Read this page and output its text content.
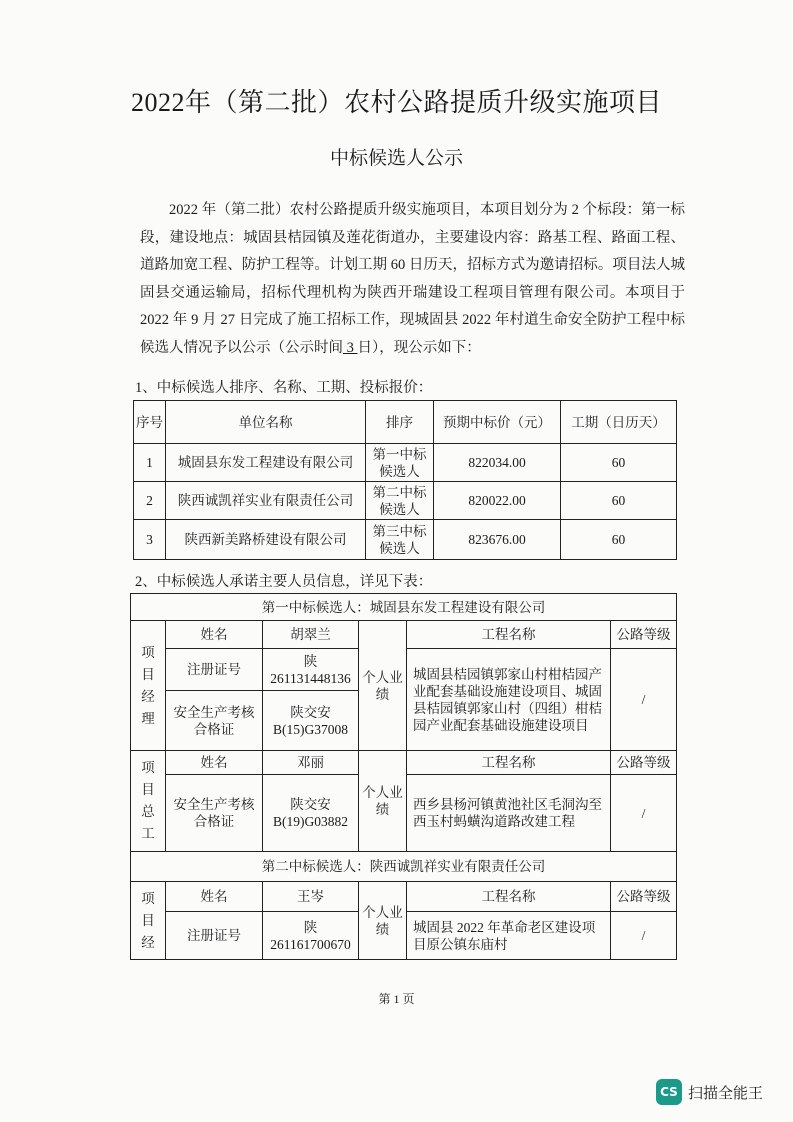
2022年（第二批）农村公路提质升级实施项目
中标候选人公示
2022 年（第二批）农村公路提质升级实施项目，本项目划分为 2 个标段：第一标段，建设地点：城固县桔园镇及莲花街道办，主要建设内容：路基工程、路面工程、道路加宽工程、防护工程等。计划工期 60 日历天，招标方式为邀请招标。项目法人城固县交通运输局，招标代理机构为陕西开瑞建设工程项目管理有限公司。本项目于 2022 年 9 月 27 日完成了施工招标工作，现城固县 2022 年村道生命安全防护工程中标候选人情况予以公示（公示时间 3 日），现公示如下：
1、中标候选人排序、名称、工期、投标报价：
序号	单位名称	排序	预期中标价（元）	工期（日历天）
1	城固县东发工程建设有限公司	第一中标候选人	822034.00	60
2	陕西诚凯祥实业有限责任公司	第二中标候选人	820022.00	60
3	陕西新美路桥建设有限公司	第三中标候选人	823676.00	60
2、中标候选人承诺主要人员信息，详见下表：
第一中标候选人：城固县东发工程建设有限公司					

项目经理	姓名	胡翠兰	个人业绩	工程名称	公路等级
	注册证号	陕261131448136		城固县桔园镇郭家山村柑桔园产业配套基础设施建设项目、城固县桔园镇郭家山村（四组）柑桔园产业配套基础设施建设项目	/
	安全生产考核合格证	陕交安B(15)G37008			

项目总工	姓名	邓丽	个人业绩	工程名称	公路等级
	安全生产考核合格证	陕交安B(19)G03882		西乡县杨河镇黄池社区毛洞沟至西玉村蚂蟥沟道路改建工程	/
第二中标候选人：陕西诚凯祥实业有限责任公司					

项目经	姓名	王岑	个人业绩	工程名称	公路等级
	注册证号	陕261161700670		城固县 2022 年革命老区建设项目原公镇东庙村	/
第 1 页
CS 扫描全能王
